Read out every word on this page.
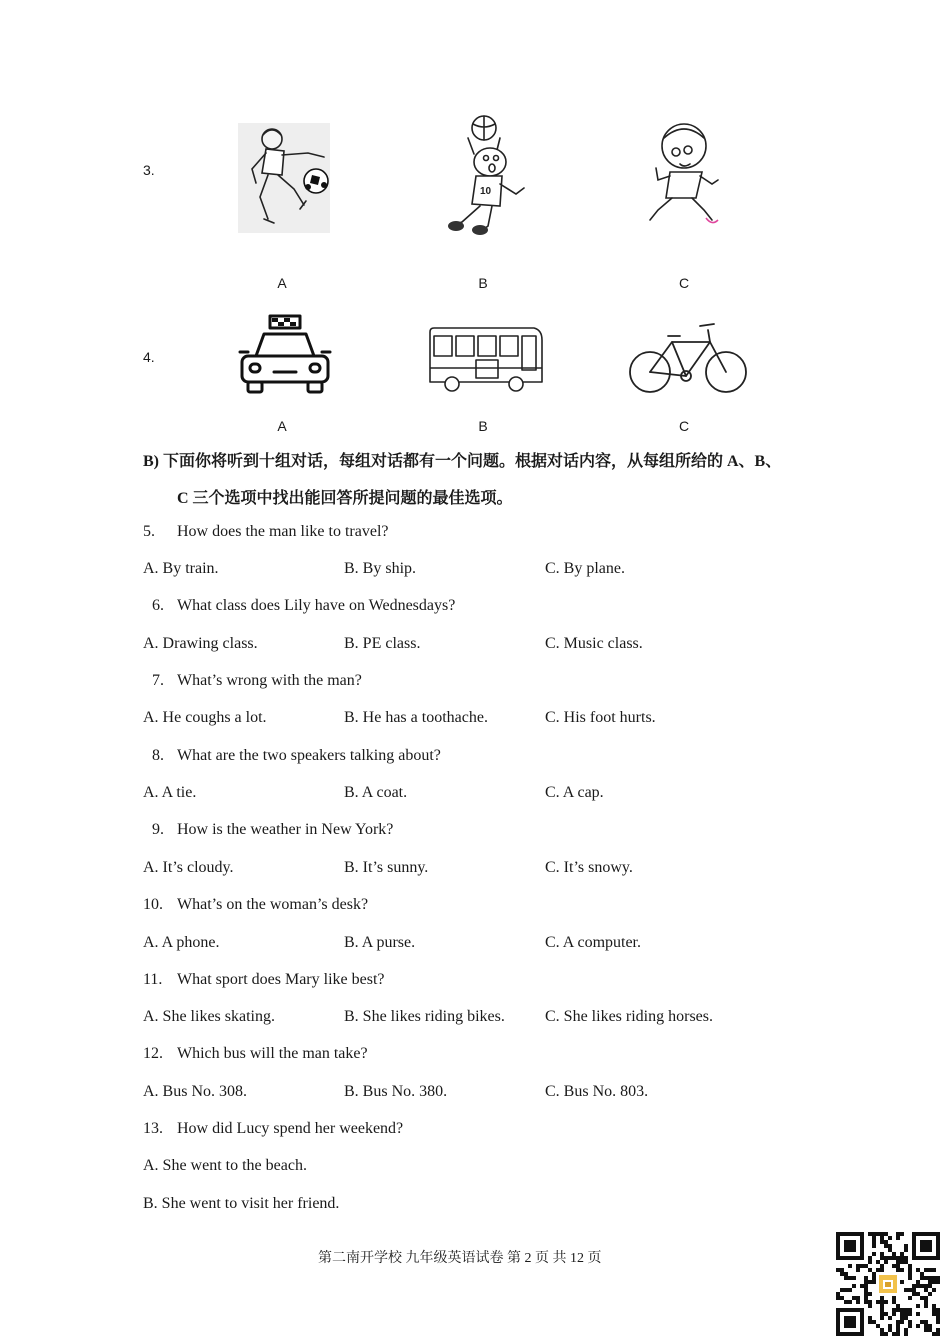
3.
A
10
B	C
4.
A	B	C
B) 下面你将听到十组对话，每组对话都有一个问题。根据对话内容，从每组所给的 A、B、
C 三个选项中找出能回答所提问题的最佳选项。
5. How does the man like to travel?
A. By train.	B. By ship.	C. By plane.
6. What class does Lily have on Wednesdays?
A. Drawing class.	B. PE class.	C. Music class.
7. What’s wrong with the man?
A. He coughs a lot.	B. He has a toothache.	C. His foot hurts.
8. What are the two speakers talking about?
A. A tie.	B. A coat.	C. A cap.
9. How is the weather in New York?
A. It’s cloudy.	B. It’s sunny.	C. It’s snowy.
10. What’s on the woman’s desk?
A. A phone.	B. A purse.	C. A computer.
11. What sport does Mary like best?
A. She likes skating.	B. She likes riding bikes.	C. She likes riding horses.
12. Which bus will the man take?
A. Bus No. 308.	B. Bus No. 380.	C. Bus No. 803.
13. How did Lucy spend her weekend?
A. She went to the beach.
B. She went to visit her friend.
第二南开学校 九年级英语试卷 第 2 页 共 12 页
